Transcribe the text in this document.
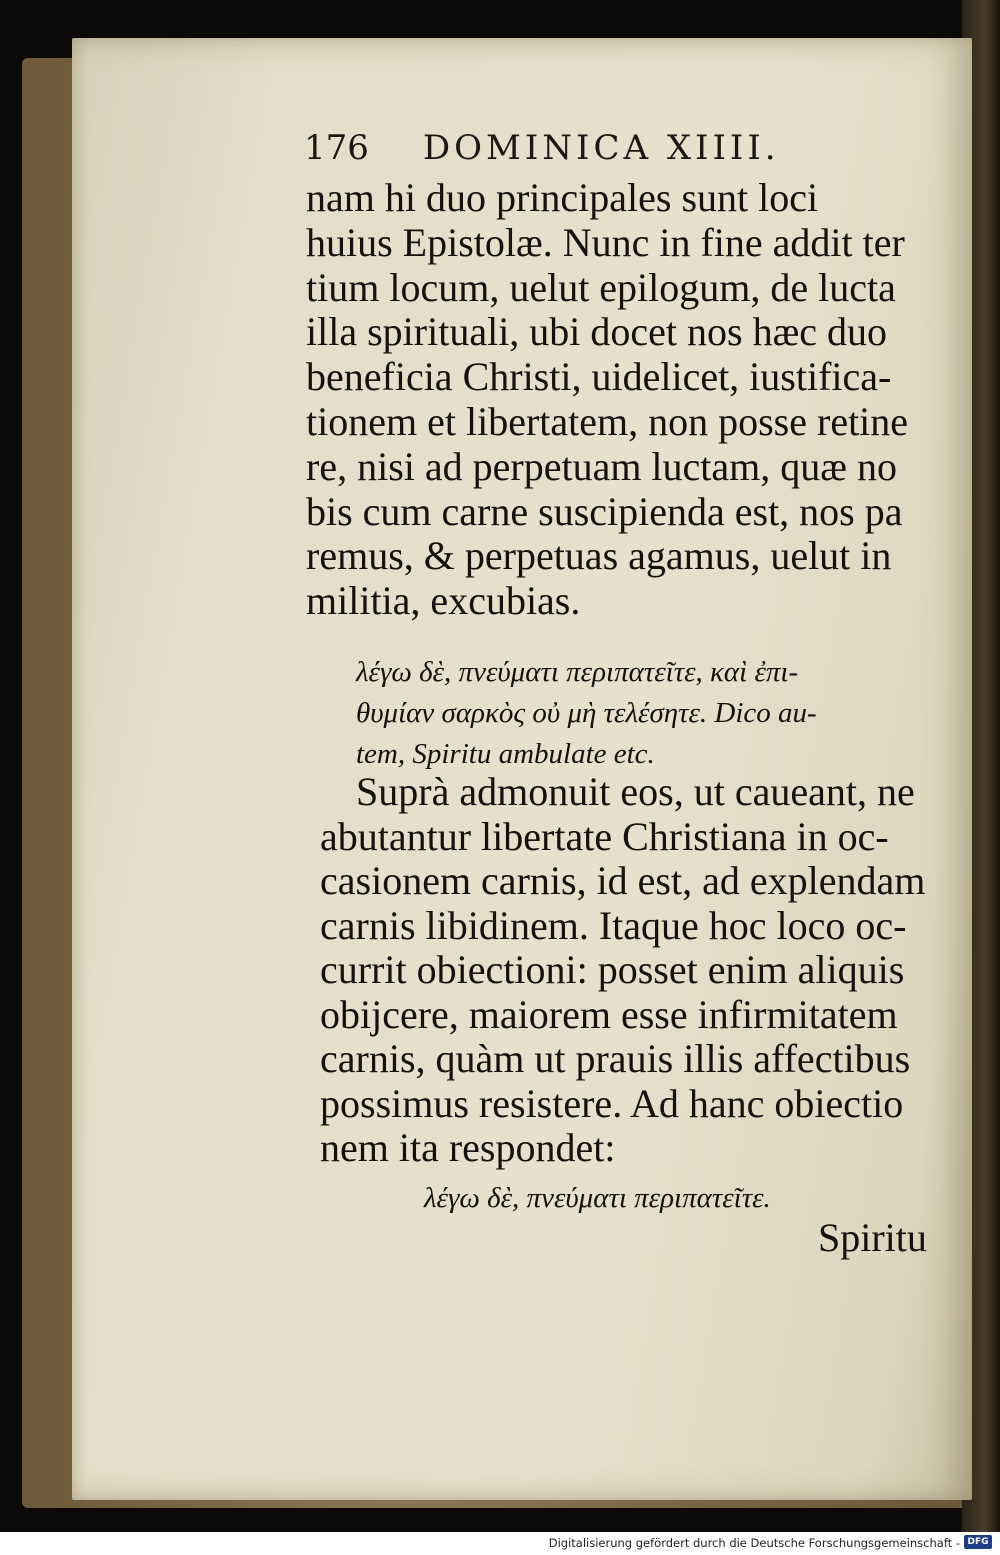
176 DOMINICA XIIII.
nam hi duo principales sunt loci
huius Epistolæ. Nunc in fine addit ter
tium locum, uelut epilogum, de lucta
illa spirituali, ubi docet nos hæc duo
beneficia Christi, uidelicet, iustifica-
tionem et libertatem, non posse retine
re, nisi ad perpetuam luctam, quæ no
bis cum carne suscipienda est, nos pa
remus, & perpetuas agamus, uelut in
militia, excubias.
λέγω δὲ, πνεύματι περιπατεῖτε, καὶ ἐπι-
θυμίαν σαρκὸς οὐ μὴ τελέσητε. Dico au-
tem, Spiritu ambulate etc.
Suprà admonuit eos, ut caueant, ne
abutantur libertate Christiana in oc-
casionem carnis, id est, ad explendam
carnis libidinem. Itaque hoc loco oc-
currit obiectioni: posset enim aliquis
obijcere, maiorem esse infirmitatem
carnis, quàm ut prauis illis affectibus
possimus resistere. Ad hanc obiectio
nem ita respondet:
λέγω δὲ, πνεύματι περιπατεῖτε.
Spiritu
Digitalisierung gefördert durch die Deutsche Forschungsgemeinschaft - DFG
